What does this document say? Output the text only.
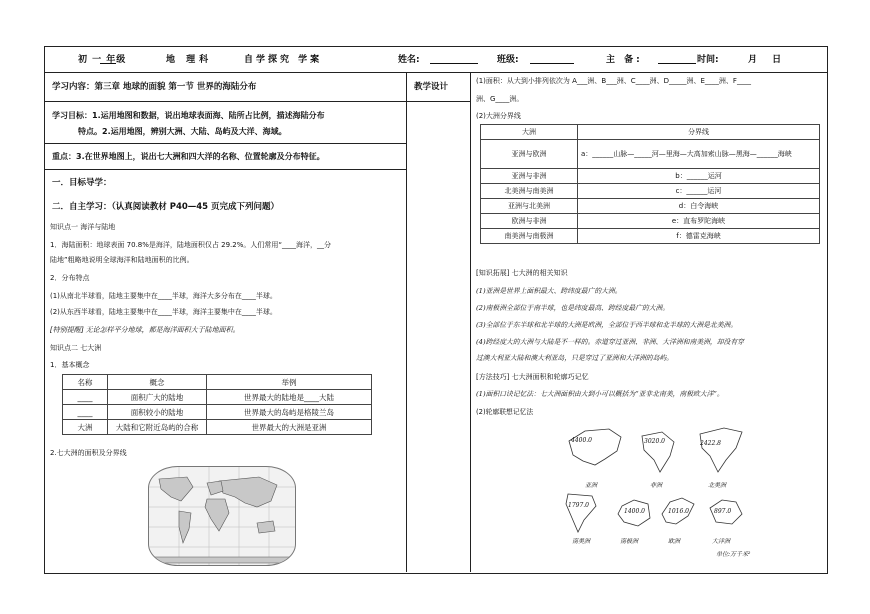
初 一 年级	地 理科	自学探究 学案	姓名:	班级:	主 备:	时间:	月 日
学习内容：第三章 地球的面貌 第一节 世界的海陆分布	教学设计
学习目标：1.运用地图和数据，说出地球表面海、陆所占比例，描述海陆分布
特点。2.运用地图，辨别大洲、大陆、岛屿及大洋、海域。
重点：3.在世界地图上，说出七大洲和四大洋的名称、位置轮廓及分布特征。
一．目标导学：
二．自主学习：（认真阅读教材 P40—45 页完成下列问题）
知识点一 海洋与陆地
1．海陆面积：地球表面 70.8%是海洋，陆地面积仅占 29.2%。人们常用“____海洋，__分
陆地”粗略地说明全球海洋和陆地面积的比例。
2．分布特点
(1)从南北半球看，陆地主要集中在____半球，海洋大多分布在____半球。
(2)从东西半球看，陆地主要集中在____半球，海洋主要集中在____半球。
[特别提醒] 无论怎样平分地球，都是海洋面积大于陆地面积。
知识点二 七大洲
1．基本概念
名称	概念	举例
____	面积广大的陆地	世界最大的陆地是____大陆
____	面积较小的陆地	世界最大的岛屿是格陵兰岛
大洲	大陆和它附近岛屿的合称	世界最大的大洲是亚洲
2.七大洲的面积及分界线
(1)面积：从大到小排列依次为 A___洲、B___洲、C____洲、D_____洲、E____洲、F____
洲、G____洲。
(2)大洲分界线
大洲	分界线
亚洲与欧洲	a：______山脉—_____河—里海—大高加索山脉—黑海—______海峡
亚洲与非洲	b：______运河
北美洲与南美洲	c：______运河
亚洲与北美洲	d：白令海峡
欧洲与非洲	e：直布罗陀海峡
南美洲与南极洲	f：德雷克海峡
[知识拓展] 七大洲的相关知识
(1)亚洲是世界上面积最大、跨纬度最广的大洲。
(2)南极洲全部位于南半球，也是纬度最高、跨经度最广的大洲。
(3)全部位于东半球和北半球的大洲是欧洲，全部位于西半球和北半球的大洲是北美洲。
(4)跨经度大的大洲与大陆是不一样的。赤道穿过亚洲、非洲、大洋洲和南美洲，却没有穿
过澳大利亚大陆和澳大利亚岛，只是穿过了亚洲和大洋洲的岛屿。
[方法技巧] 七大洲面积和轮廓巧记忆
(1)面积口诀记忆法：七大洲面积由大到小可以概括为“亚非北南美，南极欧大洋”。
(2)轮廓联想记忆法
4400.0
亚洲
3020.0
非洲
2422.8
北美洲
1797.0
南美洲
1400.0
南极洲
1016.0
欧洲
897.0
大洋洲
单位:万千米²
